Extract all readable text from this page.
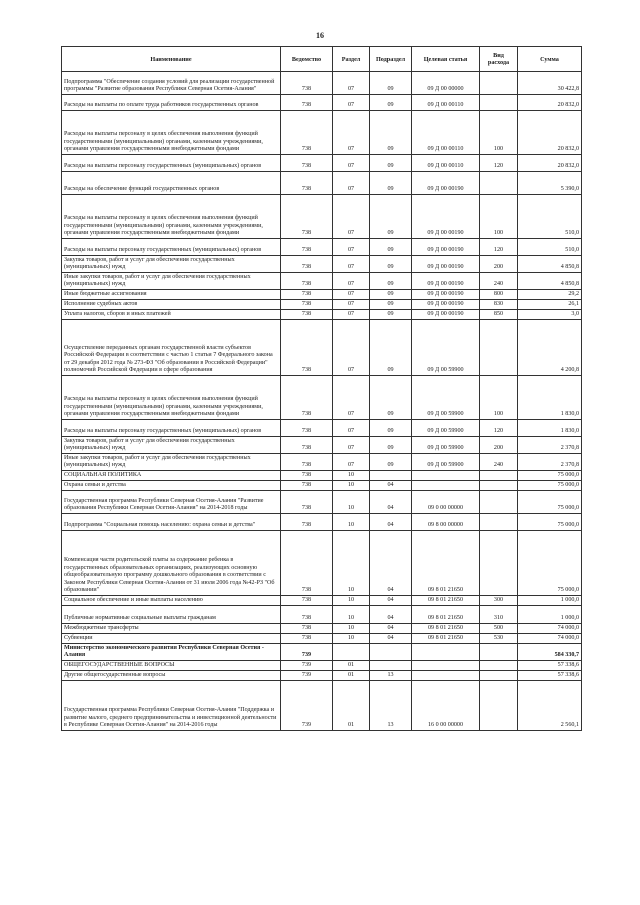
16
Наименование	Ведомство	Раздел	Подраздел	Целевая статья	Вид расхода	Сумма
Подпрограмма "Обеспечение создания условий для реализации государственной программы "Развитие образования Республики Северная Осетия-Алания"	738	07	09	09 Д 00 00000		30 422,8
Расходы на выплаты по оплате труда работников государственных органов	738	07	09	09 Д 00 00110		20 832,0
Расходы на выплаты персоналу в целях обеспечения выполнения функций государственными (муниципальными) органами, казенными учреждениями, органами управления государственными внебюджетными фондами	738	07	09	09 Д 00 00110	100	20 832,0
Расходы на выплаты персоналу государственных (муниципальных) органов	738	07	09	09 Д 00 00110	120	20 832,0
Расходы на обеспечение функций государственных органов	738	07	09	09 Д 00 00190		5 390,0
Расходы на выплаты персоналу в целях обеспечения выполнения функций государственными (муниципальными) органами, казенными учреждениями, органами управления государственными внебюджетными фондами	738	07	09	09 Д 00 00190	100	510,0
Расходы на выплаты персоналу государственных (муниципальных) органов	738	07	09	09 Д 00 00190	120	510,0
Закупка товаров, работ и услуг для обеспечения государственных (муниципальных) нужд	738	07	09	09 Д 00 00190	200	4 850,8
Иные закупки товаров, работ и услуг для обеспечения государственных (муниципальных) нужд	738	07	09	09 Д 00 00190	240	4 850,8
Иные бюджетные ассигнования	738	07	09	09 Д 00 00190	800	29,2
Исполнение судебных актов	738	07	09	09 Д 00 00190	830	26,1
Уплата налогов, сборов и иных платежей	738	07	09	09 Д 00 00190	850	3,0
Осуществление переданных органам государственной власти субъектов Российской Федерации в соответствии с частью 1 статьи 7 Федерального закона от 29 декабря 2012 года № 273-ФЗ "Об образовании в Российской Федерации" полномочий Российской Федерации в сфере образования	738	07	09	09 Д 00 59900		4 200,8
Расходы на выплаты персоналу в целях обеспечения выполнения функций государственными (муниципальными) органами, казенными учреждениями, органами управления государственными внебюджетными фондами	738	07	09	09 Д 00 59900	100	1 830,0
Расходы на выплаты персоналу государственных (муниципальных) органов	738	07	09	09 Д 00 59900	120	1 830,0
Закупка товаров, работ и услуг для обеспечения государственных (муниципальных) нужд	738	07	09	09 Д 00 59900	200	2 370,8
Иные закупки товаров, работ и услуг для обеспечения государственных (муниципальных) нужд	738	07	09	09 Д 00 59900	240	2 370,8
СОЦИАЛЬНАЯ ПОЛИТИКА	738	10				75 000,0
Охрана семьи и детства	738	10	04			75 000,0
Государственная программа Республики Северная Осетия-Алания "Развитие образования Республики Северная Осетия-Алания" на 2014-2018 годы	738	10	04	09 0 00 00000		75 000,0
Подпрограмма "Социальная помощь населению: охрана семьи и детства"	738	10	04	09 8 00 00000		75 000,0
Компенсация части родительской платы за содержание ребенка в государственных образовательных организациях, реализующих основную общеобразовательную программу дошкольного образования в соответствии с Законом Республики Северная Осетия-Алания от 31 июля 2006 года №42-РЗ "Об образовании"	738	10	04	09 8 01 21650		75 000,0
Социальное обеспечение и иные выплаты населению	738	10	04	09 8 01 21650	300	1 000,0
Публичные нормативные социальные выплаты гражданам	738	10	04	09 8 01 21650	310	1 000,0
Межбюджетные трансферты	738	10	04	09 8 01 21650	500	74 000,0
Субвенции	738	10	04	09 8 01 21650	530	74 000,0
Министерство экономического развития Республики Северная Осетия - Алания	739					584 330,7
ОБЩЕГОСУДАРСТВЕННЫЕ ВОПРОСЫ	739	01				57 338,6
Другие общегосударственные вопросы	739	01	13			57 338,6
Государственная программа Республики Северная Осетия-Алания "Поддержка и развитие малого, среднего предпринимательства и инвестиционной деятельности в Республике Северная Осетия-Алания" на 2014-2016 годы	739	01	13	16 0 00 00000		2 560,1
